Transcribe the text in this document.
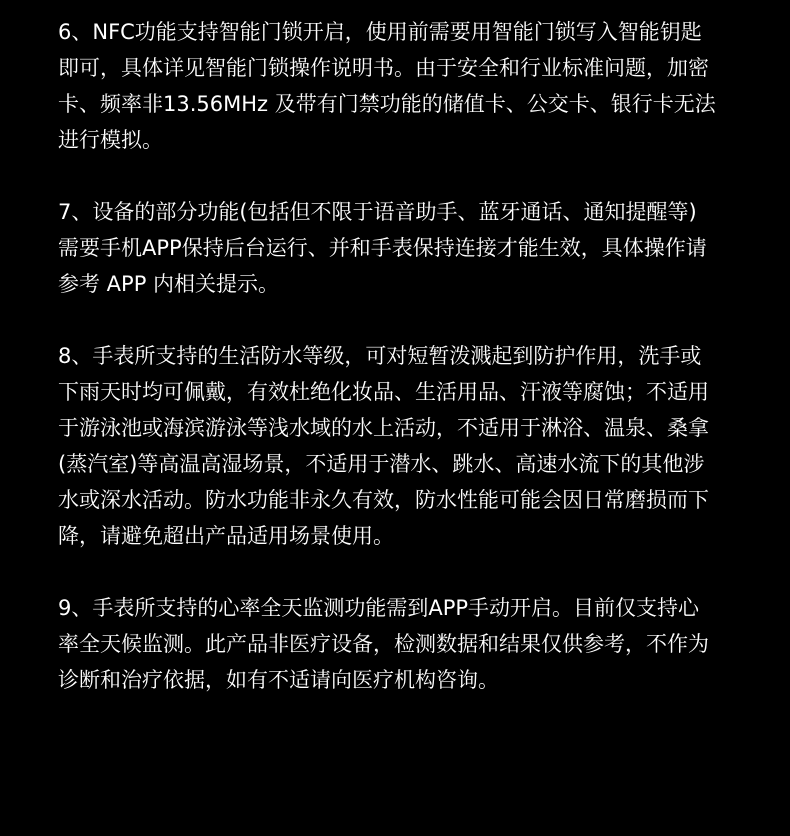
6、NFC功能支持智能门锁开启，使用前需要用智能门锁写入智能钥匙
即可，具体详见智能门锁操作说明书。由于安全和行业标准问题，加密
卡、频率非13.56MHz 及带有门禁功能的储值卡、公交卡、银行卡无法
进行模拟。
7、设备的部分功能(包括但不限于语音助手、蓝牙通话、通知提醒等)
需要手机APP保持后台运行、并和手表保持连接才能生效，具体操作请
参考 APP 内相关提示。
8、手表所支持的生活防水等级，可对短暂泼溅起到防护作用，洗手或
下雨天时均可佩戴，有效杜绝化妆品、生活用品、汗液等腐蚀；不适用
于游泳池或海滨游泳等浅水域的水上活动，不适用于淋浴、温泉、桑拿
(蒸汽室)等高温高湿场景，不适用于潜水、跳水、高速水流下的其他涉
水或深水活动。防水功能非永久有效，防水性能可能会因日常磨损而下
降，请避免超出产品适用场景使用。
9、手表所支持的心率全天监测功能需到APP手动开启。目前仅支持心
率全天候监测。此产品非医疗设备，检测数据和结果仅供参考，不作为
诊断和治疗依据，如有不适请向医疗机构咨询。
